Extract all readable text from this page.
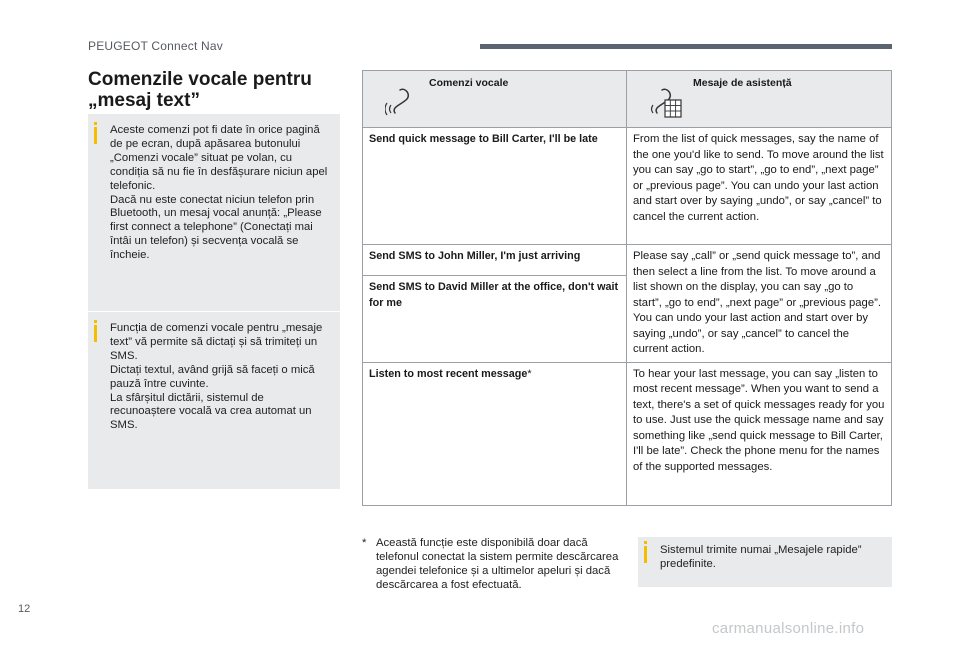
PEUGEOT Connect Nav
Comenzile vocale pentru
„mesaj text”

Aceste comenzi pot fi date în orice pagină de pe ecran, după apăsarea butonului „Comenzi vocale” situat pe volan, cu condiția să nu fie în desfășurare niciun apel telefonic.
Dacă nu este conectat niciun telefon prin Bluetooth, un mesaj vocal anunță: „Please first connect a telephone” (Conectați mai întâi un telefon) și secvența vocală se încheie.

Funcția de comenzi vocale pentru „mesaje text” vă permite să dictați și să trimiteți un SMS.
Dictați textul, având grijă să faceți o mică pauză între cuvinte.
La sfârșitul dictării, sistemul de recunoaștere vocală va crea automat un SMS.

Comenzi vocale	Mesaje de asistență

Send quick message to Bill Carter, I'll be late	From the list of quick messages, say the name of the one you'd like to send. To move around the list you can say „go to start”, „go to end”, „next page” or „previous page”. You can undo your last action and start over by saying „undo”, or say „cancel” to cancel the current action.
Send SMS to John Miller, I'm just arriving	Please say „call” or „send quick message to”, and then select a line from the list. To move around a list shown on the display, you can say „go to start”, „go to end”, „next page” or „previous page”. You can undo your last action and start over by saying „undo”, or say „cancel” to cancel the current action.
Send SMS to David Miller at the office, don't wait for me	
Listen to most recent message*	To hear your last message, you can say „listen to most recent message”. When you want to send a text, there's a set of quick messages ready for you to use. Just use the quick message name and say something like „send quick message to Bill Carter, I'll be late”. Check the phone menu for the names of the supported messages.
* Această funcție este disponibilă doar dacă telefonul conectat la sistem permite descărcarea agendei telefonice și a ultimelor apeluri și dacă descărcarea a fost efectuată.

Sistemul trimite numai „Mesajele rapide” predefinite.

12
carmanualsonline.info
